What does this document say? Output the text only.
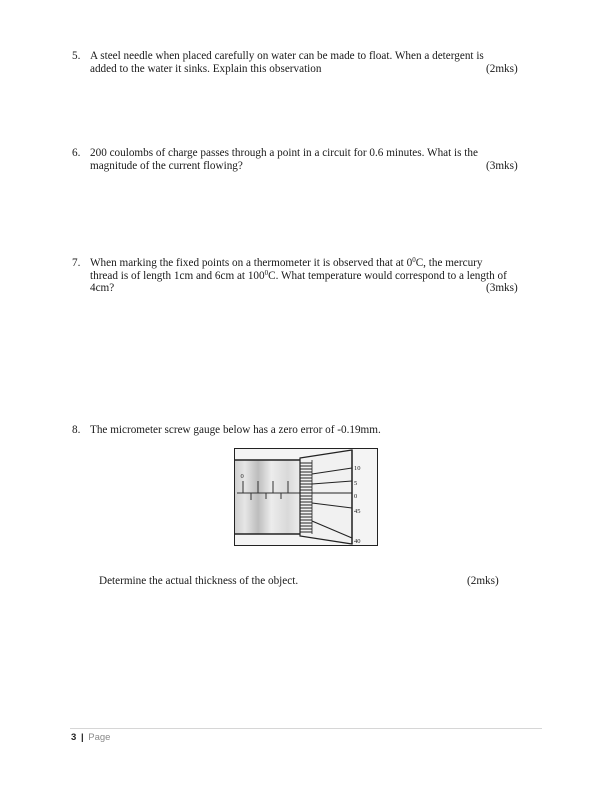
5. A steel needle when placed carefully on water can be made to float. When a detergent is
added to the water it sinks. Explain this observation	(2mks)
6. 200 coulombs of charge passes through a point in a circuit for 0.6 minutes. What is the
magnitude of the current flowing?	(3mks)
7. When marking the fixed points on a thermometer it is observed that at $0^0C$, the mercury
thread is of length 1cm and 6cm at $100^0C$. What temperature would correspond to a length of
4cm?	(3mks)
8. The micrometer screw gauge below has a zero error of -0.19mm.
0
10
5
0
45
40
Determine the actual thickness of the object.	(2mks)
3 | Page
